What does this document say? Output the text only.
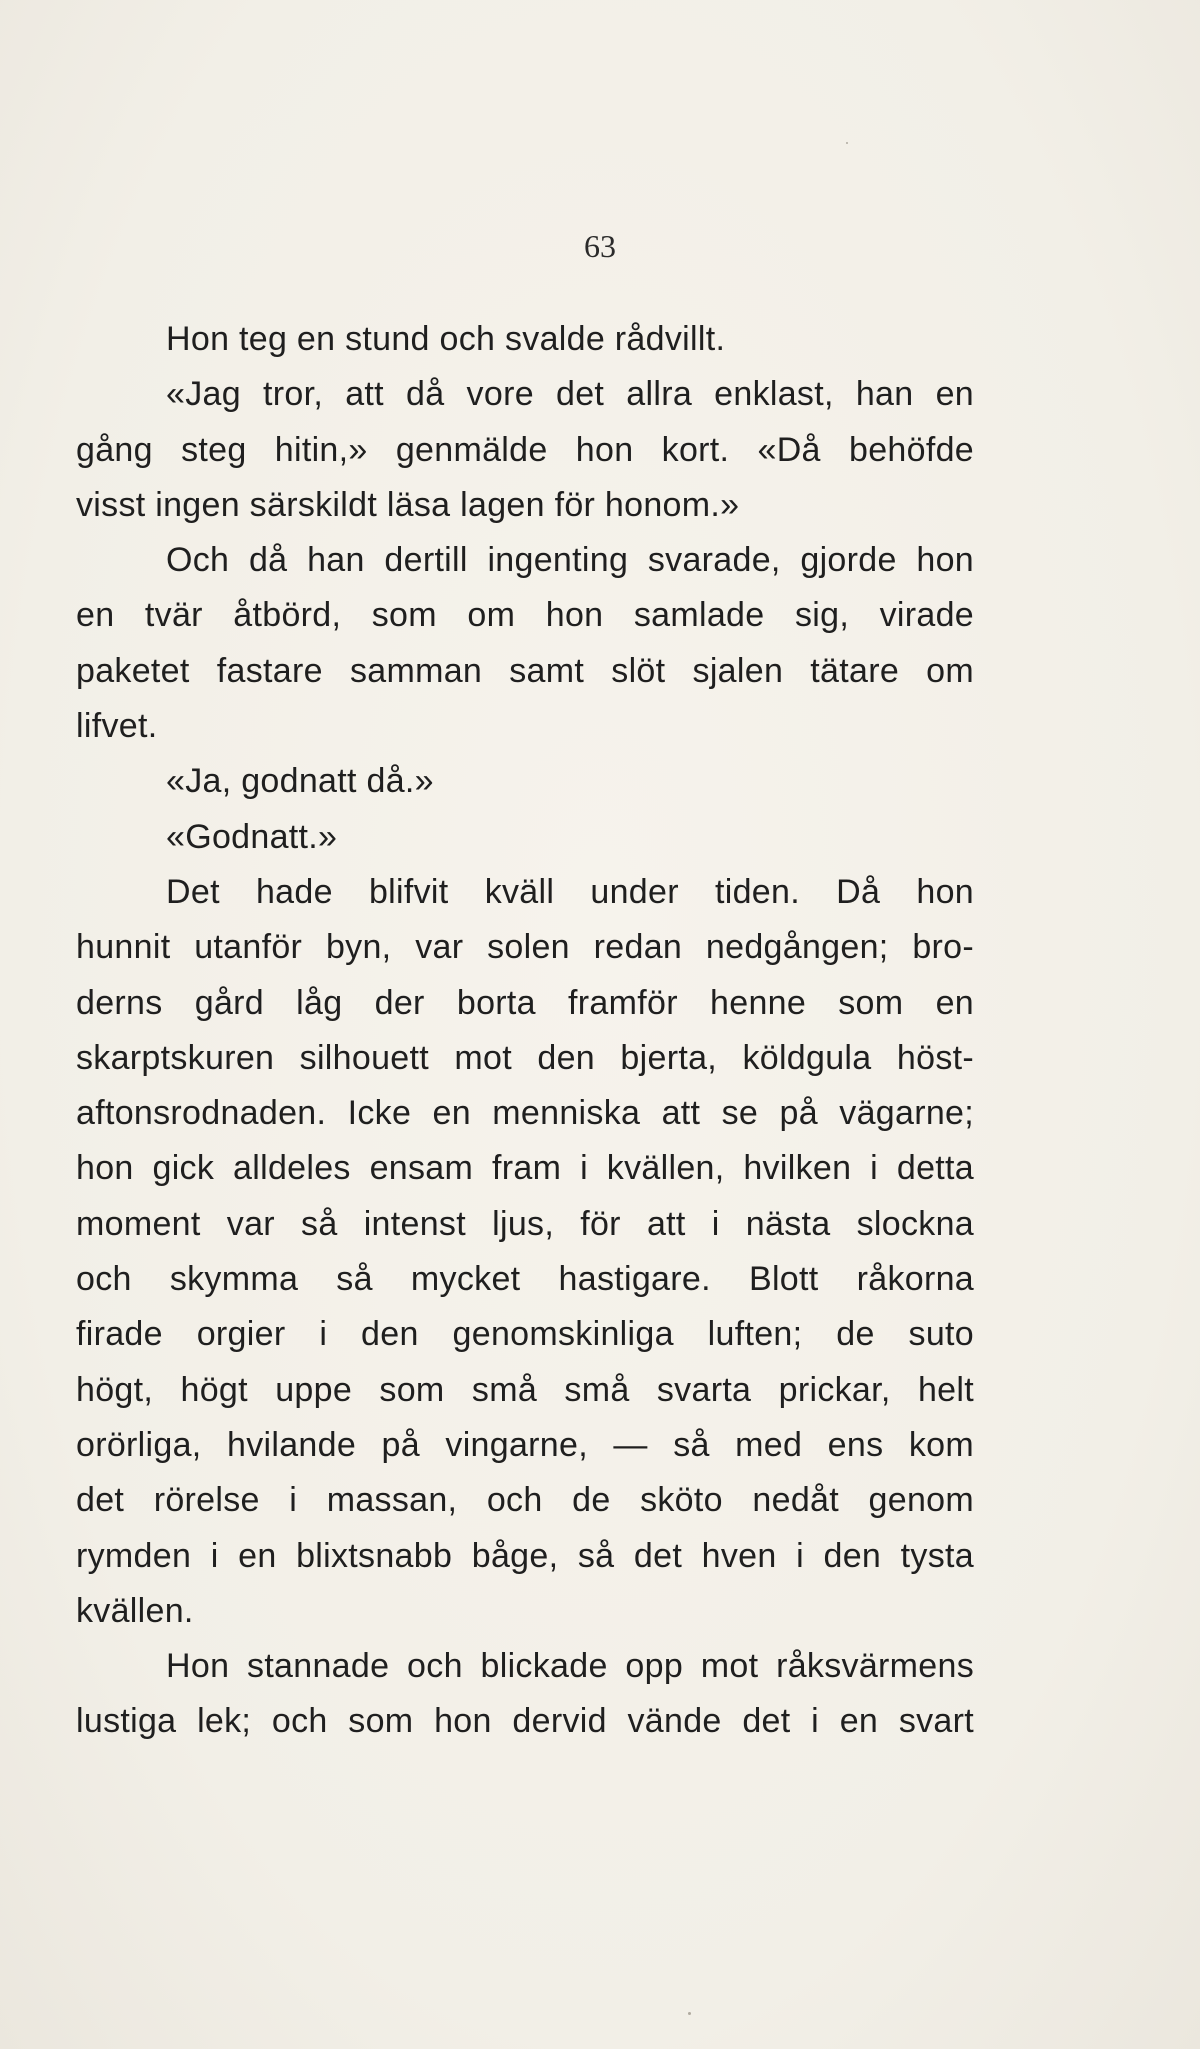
63
Hon teg en stund och svalde rådvillt.
«Jag tror, att då vore det allra enklast, han en
gång steg hitin,» genmälde hon kort. «Då behöfde
visst ingen särskildt läsa lagen för honom.»
Och då han dertill ingenting svarade, gjorde hon
en tvär åtbörd, som om hon samlade sig, virade
paketet fastare samman samt slöt sjalen tätare om
lifvet.
«Ja, godnatt då.»
«Godnatt.»
Det hade blifvit kväll under tiden. Då hon
hunnit utanför byn, var solen redan nedgången; bro-
derns gård låg der borta framför henne som en
skarptskuren silhouett mot den bjerta, köldgula höst-
aftonsrodnaden. Icke en menniska att se på vägarne;
hon gick alldeles ensam fram i kvällen, hvilken i detta
moment var så intenst ljus, för att i nästa slockna
och skymma så mycket hastigare. Blott råkorna
firade orgier i den genomskinliga luften; de suto
högt, högt uppe som små små svarta prickar, helt
orörliga, hvilande på vingarne, — så med ens kom
det rörelse i massan, och de sköto nedåt genom
rymden i en blixtsnabb båge, så det hven i den tysta
kvällen.
Hon stannade och blickade opp mot råksvärmens
lustiga lek; och som hon dervid vände det i en svart
